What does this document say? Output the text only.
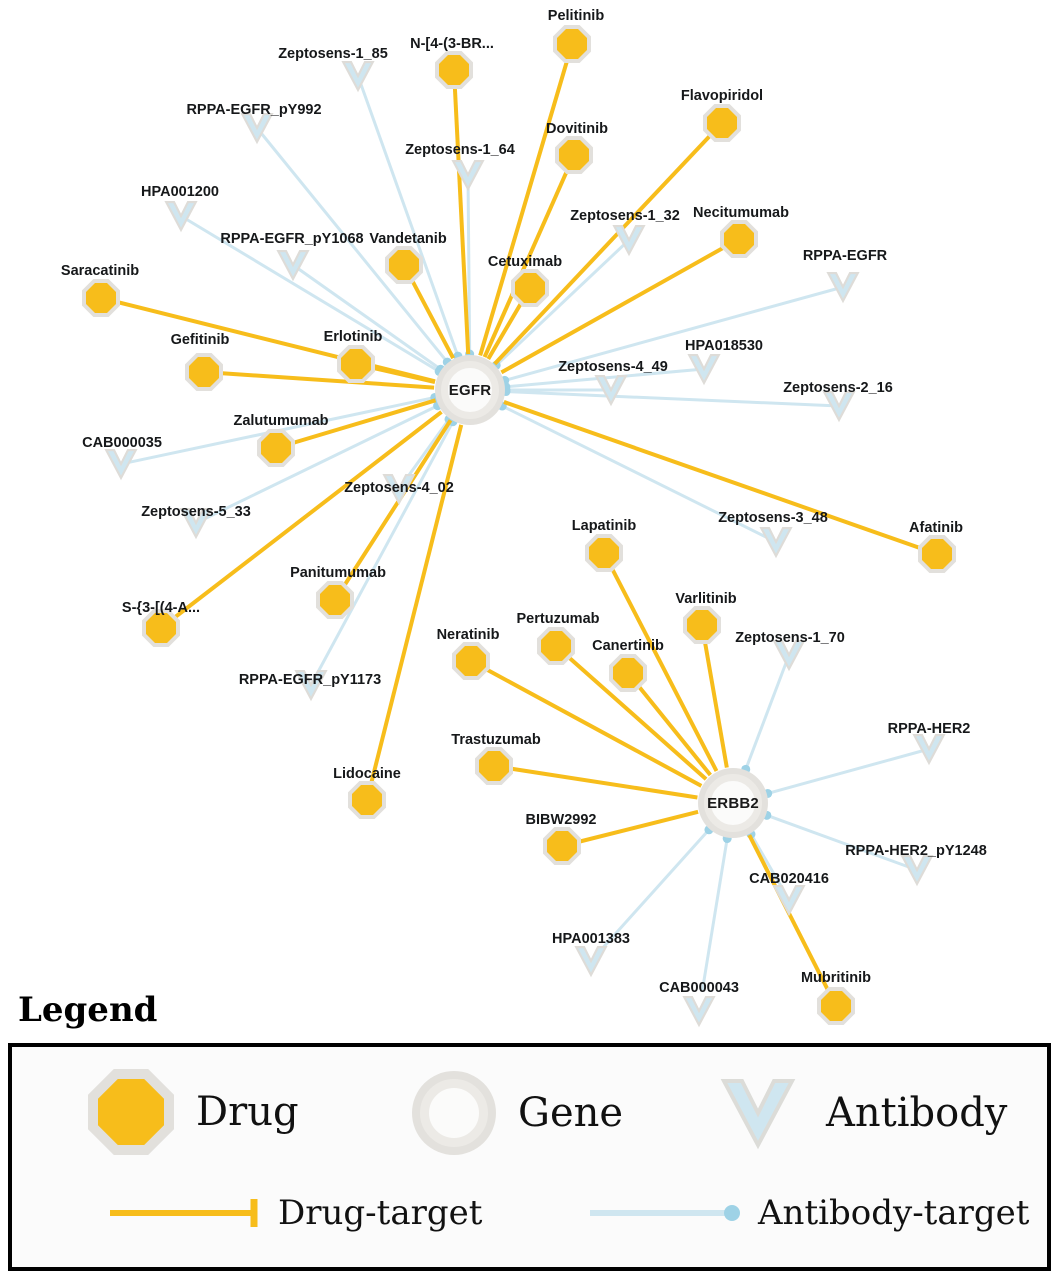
Zeptosens-1_85
RPPA-EGFR_pY992
Zeptosens-1_64
HPA001200
Zeptosens-1_32
RPPA-EGFR_pY1068
RPPA-EGFR
HPA018530
Zeptosens-4_49
Zeptosens-2_16
CAB000035
Zeptosens-4_02
Zeptosens-5_33	Zeptosens-3_48
RPPA-EGFR_pY1173
Zeptosens-1_70
RPPA-HER2
RPPA-HER2_pY1248
CAB020416
HPA001383
CAB000043
Pelitinib
N-[4-(3-BR...
Flavopiridol
Dovitinib
Necitumumab
Vandetanib
Cetuximab
Saracatinib
Erlotinib
Gefitinib
Zalutumumab
Afatinib
Lapatinib
Varlitinib
Panitumumab
S-{3-[(4-A...
Pertuzumab
Neratinib
Canertinib
Trastuzumab
Lidocaine
BIBW2992
Mubritinib
EGFR
ERBB2
Legend
Drug	Gene	Antibody
Drug-target	Antibody-target
